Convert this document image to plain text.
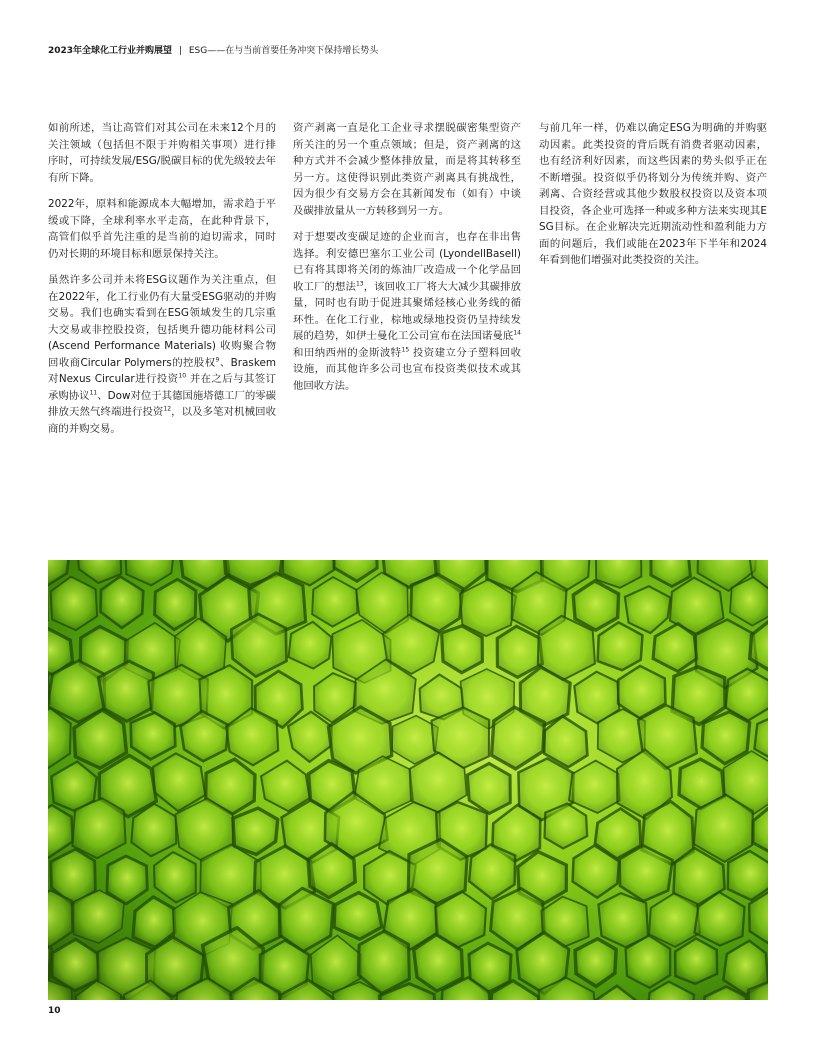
2023年全球化工行业并购展望 | ESG——在与当前首要任务冲突下保持增长势头

如前所述，当让高管们对其公司在未来12个月的关注领域（包括但不限于并购相关事项）进行排序时，可持续发展/ESG/脱碳目标的优先级较去年有所下降。

2022年，原料和能源成本大幅增加，需求趋于平缓或下降，全球利率水平走高，在此种背景下，高管们似乎首先注重的是当前的迫切需求，同时仍对长期的环境目标和愿景保持关注。

虽然许多公司并未将ESG议题作为关注重点，但在2022年，化工行业仍有大量受ESG驱动的并购交易。我们也确实看到在ESG领域发生的几宗重大交易或非控股投资，包括奥升德功能材料公司 (Ascend Performance Materials) 收购聚合物回收商Circular Polymers的控股权$^9$、Braskem对Nexus Circular进行投资$^{10}$ 并在之后与其签订承购协议$^{11}$、Dow对位于其德国施塔德工厂的零碳排放天然气终端进行投资$^{12}$，以及多笔对机械回收商的并购交易。

资产剥离一直是化工企业寻求摆脱碳密集型资产所关注的另一个重点领域；但是，资产剥离的这种方式并不会减少整体排放量，而是将其转移至另一方。这使得识别此类资产剥离具有挑战性，因为很少有交易方会在其新闻发布（如有）中谈及碳排放量从一方转移到另一方。

对于想要改变碳足迹的企业而言，也存在非出售选择。利安德巴塞尔工业公司 (LyondellBasell) 已有将其即将关闭的炼油厂改造成一个化学品回收工厂的想法$^{13}$，该回收工厂将大大减少其碳排放量，同时也有助于促进其聚烯烃核心业务线的循环性。在化工行业，棕地或绿地投资仍呈持续发展的趋势，如伊士曼化工公司宣布在法国诺曼底$^{14}$ 和田纳西州的金斯波特$^{15}$ 投资建立分子塑料回收设施，而其他许多公司也宣布投资类似技术或其他回收方法。

与前几年一样，仍难以确定ESG为明确的并购驱动因素。此类投资的背后既有消费者驱动因素，也有经济利好因素，而这些因素的势头似乎正在不断增强。投资似乎仍将划分为传统并购、资产剥离、合资经营或其他少数股权投资以及资本项目投资，各企业可选择一种或多种方法来实现其ESG目标。在企业解决完近期流动性和盈利能力方面的问题后，我们或能在2023年下半年和2024年看到他们增强对此类投资的关注。

10
